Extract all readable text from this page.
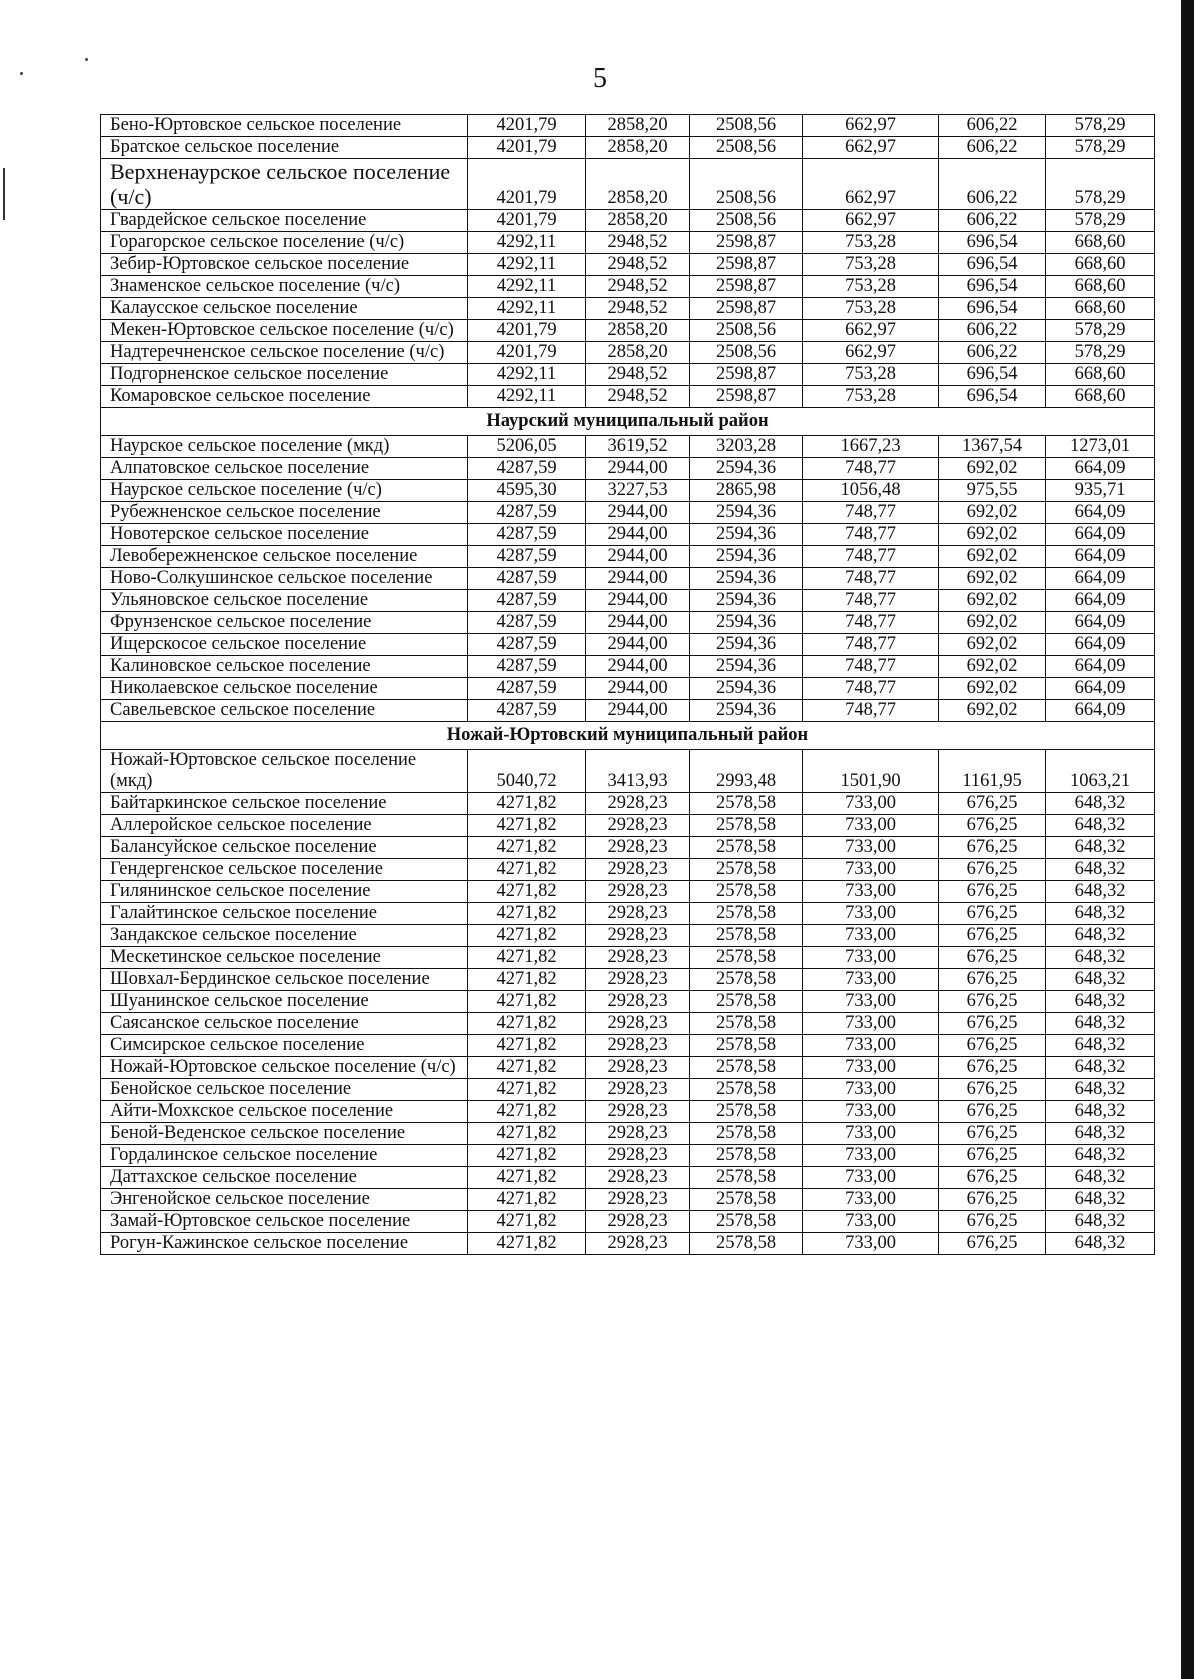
5
Бено-Юртовское сельское поселение	4201,79	2858,20	2508,56	662,97	606,22	578,29
Братское сельское поселение	4201,79	2858,20	2508,56	662,97	606,22	578,29
Верхненаурское сельское поселение (ч/с)	4201,79	2858,20	2508,56	662,97	606,22	578,29
Гвардейское сельское поселение	4201,79	2858,20	2508,56	662,97	606,22	578,29
Горагорское сельское поселение (ч/с)	4292,11	2948,52	2598,87	753,28	696,54	668,60
Зебир-Юртовское сельское поселение	4292,11	2948,52	2598,87	753,28	696,54	668,60
Знаменское сельское поселение (ч/с)	4292,11	2948,52	2598,87	753,28	696,54	668,60
Калаусское сельское поселение	4292,11	2948,52	2598,87	753,28	696,54	668,60
Мекен-Юртовское сельское поселение (ч/с)	4201,79	2858,20	2508,56	662,97	606,22	578,29
Надтеречненское сельское поселение (ч/с)	4201,79	2858,20	2508,56	662,97	606,22	578,29
Подгорненское сельское поселение	4292,11	2948,52	2598,87	753,28	696,54	668,60
Комаровское сельское поселение	4292,11	2948,52	2598,87	753,28	696,54	668,60
Наурский муниципальный район						
Наурское сельское поселение (мкд)	5206,05	3619,52	3203,28	1667,23	1367,54	1273,01
Алпатовское сельское поселение	4287,59	2944,00	2594,36	748,77	692,02	664,09
Наурское сельское поселение (ч/с)	4595,30	3227,53	2865,98	1056,48	975,55	935,71
Рубежненское сельское поселение	4287,59	2944,00	2594,36	748,77	692,02	664,09
Новотерское сельское поселение	4287,59	2944,00	2594,36	748,77	692,02	664,09
Левобережненское сельское поселение	4287,59	2944,00	2594,36	748,77	692,02	664,09
Ново-Солкушинское сельское поселение	4287,59	2944,00	2594,36	748,77	692,02	664,09
Ульяновское сельское поселение	4287,59	2944,00	2594,36	748,77	692,02	664,09
Фрунзенское сельское поселение	4287,59	2944,00	2594,36	748,77	692,02	664,09
Ищерскосое сельское поселение	4287,59	2944,00	2594,36	748,77	692,02	664,09
Калиновское сельское поселение	4287,59	2944,00	2594,36	748,77	692,02	664,09
Николаевское сельское поселение	4287,59	2944,00	2594,36	748,77	692,02	664,09
Савельевское сельское поселение	4287,59	2944,00	2594,36	748,77	692,02	664,09
Ножай-Юртовский муниципальный район						
Ножай-Юртовское сельское поселение (мкд)	5040,72	3413,93	2993,48	1501,90	1161,95	1063,21
Байтаркинское сельское поселение	4271,82	2928,23	2578,58	733,00	676,25	648,32
Аллеройское сельское поселение	4271,82	2928,23	2578,58	733,00	676,25	648,32
Балансуйское сельское поселение	4271,82	2928,23	2578,58	733,00	676,25	648,32
Гендергенское сельское поселение	4271,82	2928,23	2578,58	733,00	676,25	648,32
Гилянинское сельское поселение	4271,82	2928,23	2578,58	733,00	676,25	648,32
Галайтинское сельское поселение	4271,82	2928,23	2578,58	733,00	676,25	648,32
Зандакское сельское поселение	4271,82	2928,23	2578,58	733,00	676,25	648,32
Мескетинское сельское поселение	4271,82	2928,23	2578,58	733,00	676,25	648,32
Шовхал-Бердинское сельское поселение	4271,82	2928,23	2578,58	733,00	676,25	648,32
Шуанинское сельское поселение	4271,82	2928,23	2578,58	733,00	676,25	648,32
Саясанское сельское поселение	4271,82	2928,23	2578,58	733,00	676,25	648,32
Симсирское сельское поселение	4271,82	2928,23	2578,58	733,00	676,25	648,32
Ножай-Юртовское сельское поселение (ч/с)	4271,82	2928,23	2578,58	733,00	676,25	648,32
Бенойское сельское поселение	4271,82	2928,23	2578,58	733,00	676,25	648,32
Айти-Мохкское сельское поселение	4271,82	2928,23	2578,58	733,00	676,25	648,32
Беной-Веденское сельское поселение	4271,82	2928,23	2578,58	733,00	676,25	648,32
Гордалинское сельское поселение	4271,82	2928,23	2578,58	733,00	676,25	648,32
Даттахское сельское поселение	4271,82	2928,23	2578,58	733,00	676,25	648,32
Энгенойское сельское поселение	4271,82	2928,23	2578,58	733,00	676,25	648,32
Замай-Юртовское сельское поселение	4271,82	2928,23	2578,58	733,00	676,25	648,32
Рогун-Кажинское сельское поселение	4271,82	2928,23	2578,58	733,00	676,25	648,32
